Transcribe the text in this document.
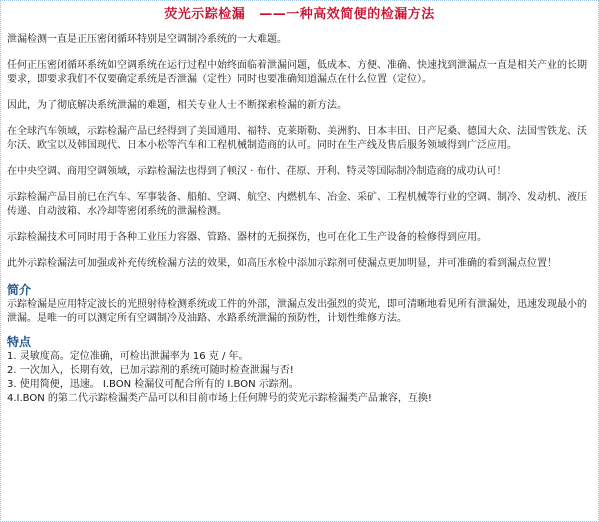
荧光示踪检漏 ——一种高效简便的检漏方法

泄漏检测一直是正压密闭循环特别是空调制冷系统的一大难题。

任何正压密闭循环系统如空调系统在运行过程中始终面临着泄漏问题，低成本、方便、准确、快速找到泄漏点一直是相关产业的长期要求，即要求我们不仅要确定系统是否泄漏（定性）同时也要准确知道漏点在什么位置（定位）。

因此，为了彻底解决系统泄漏的难题，相关专业人士不断探索检漏的新方法。

在全球汽车领域，示踪检漏产品已经得到了美国通用、福特、克莱斯勒、美洲豹、日本丰田、日产尼桑、德国大众、法国雪铁龙、沃尔沃、欧宝以及韩国现代、日本小松等汽车和工程机械制造商的认可。同时在生产线及售后服务领域得到广泛应用。

在中央空调、商用空调领域，示踪检漏法也得到了顿汉 · 布什、荏原、开利、特灵等国际制冷制造商的成功认可！

示踪检漏产品目前已在汽车、军事装备、船舶、空调、航空、内燃机车、冶金、采矿、工程机械等行业的空调、制冷、发动机、液压传递、自动波箱、水冷却等密闭系统的泄漏检测。

示踪检漏技术可同时用于各种工业压力容器、管路、器材的无损探伤，也可在化工生产设备的检修得到应用。

此外示踪检漏法可加强或补充传统检漏方法的效果，如高压水检中添加示踪剂可使漏点更加明显，并可准确的看到漏点位置！

简介

示踪检漏是应用特定波长的光照射待检测系统或工件的外部，泄漏点发出强烈的荧光，即可清晰地看见所有泄漏处，迅速发现最小的泄漏。是唯一的可以测定所有空调制冷及油路、水路系统泄漏的预防性，计划性维修方法。

特点
1. 灵敏度高。定位准确，可检出泄漏率为 16 克 / 年。
2. 一次加入，长期有效，已加示踪剂的系统可随时检查泄漏与否!
3. 使用简便，迅速。 I.BON 检漏仪可配合所有的 I.BON 示踪剂。
4.I.BON 的第二代示踪检漏类产品可以和目前市场上任何牌号的荧光示踪检漏类产品兼容，互换!
